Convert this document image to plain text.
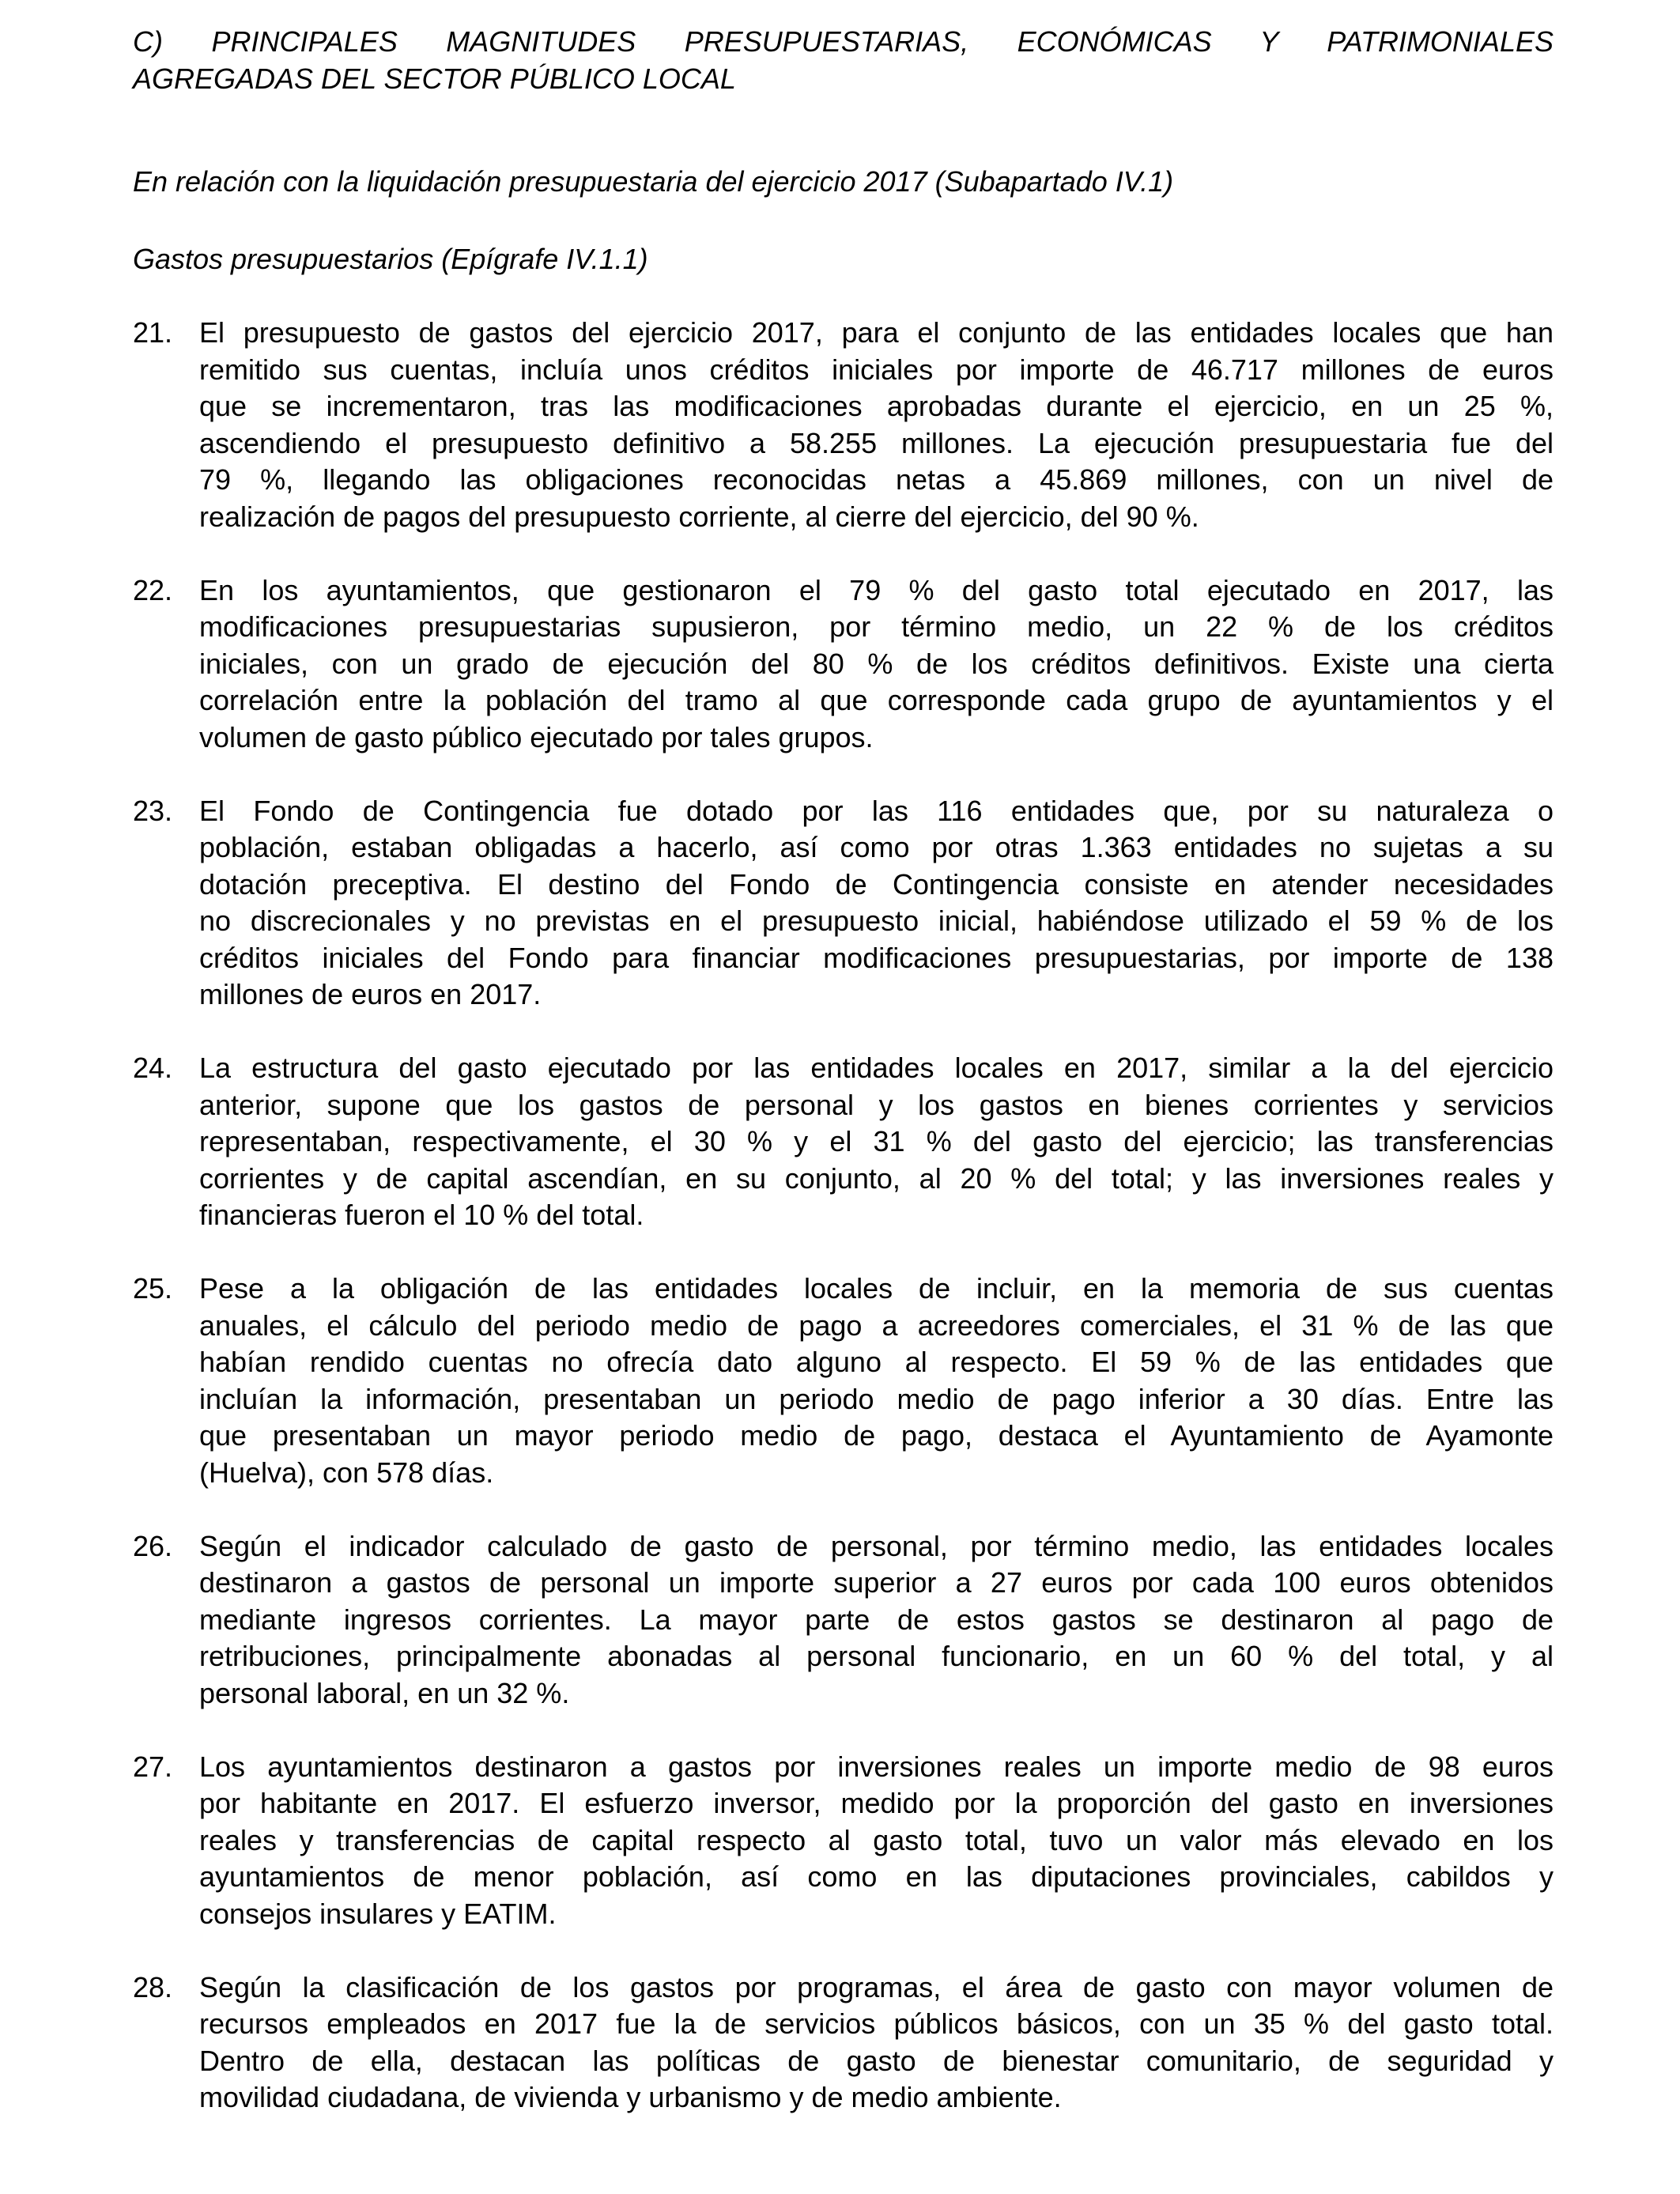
C) PRINCIPALES MAGNITUDES PRESUPUESTARIAS, ECONÓMICAS Y PATRIMONIALES
AGREGADAS DEL SECTOR PÚBLICO LOCAL
En relación con la liquidación presupuestaria del ejercicio 2017 (Subapartado IV.1)
Gastos presupuestarios (Epígrafe IV.1.1)
21. El presupuesto de gastos del ejercicio 2017, para el conjunto de las entidades locales que han
remitido sus cuentas, incluía unos créditos iniciales por importe de 46.717 millones de euros
que se incrementaron, tras las modificaciones aprobadas durante el ejercicio, en un 25 %,
ascendiendo el presupuesto definitivo a 58.255 millones. La ejecución presupuestaria fue del
79 %, llegando las obligaciones reconocidas netas a 45.869 millones, con un nivel de
realización de pagos del presupuesto corriente, al cierre del ejercicio, del 90 %.
22. En los ayuntamientos, que gestionaron el 79 % del gasto total ejecutado en 2017, las
modificaciones presupuestarias supusieron, por término medio, un 22 % de los créditos
iniciales, con un grado de ejecución del 80 % de los créditos definitivos. Existe una cierta
correlación entre la población del tramo al que corresponde cada grupo de ayuntamientos y el
volumen de gasto público ejecutado por tales grupos.
23. El Fondo de Contingencia fue dotado por las 116 entidades que, por su naturaleza o
población, estaban obligadas a hacerlo, así como por otras 1.363 entidades no sujetas a su
dotación preceptiva. El destino del Fondo de Contingencia consiste en atender necesidades
no discrecionales y no previstas en el presupuesto inicial, habiéndose utilizado el 59 % de los
créditos iniciales del Fondo para financiar modificaciones presupuestarias, por importe de 138
millones de euros en 2017.
24. La estructura del gasto ejecutado por las entidades locales en 2017, similar a la del ejercicio
anterior, supone que los gastos de personal y los gastos en bienes corrientes y servicios
representaban, respectivamente, el 30 % y el 31 % del gasto del ejercicio; las transferencias
corrientes y de capital ascendían, en su conjunto, al 20 % del total; y las inversiones reales y
financieras fueron el 10 % del total.
25. Pese a la obligación de las entidades locales de incluir, en la memoria de sus cuentas
anuales, el cálculo del periodo medio de pago a acreedores comerciales, el 31 % de las que
habían rendido cuentas no ofrecía dato alguno al respecto. El 59 % de las entidades que
incluían la información, presentaban un periodo medio de pago inferior a 30 días. Entre las
que presentaban un mayor periodo medio de pago, destaca el Ayuntamiento de Ayamonte
(Huelva), con 578 días.
26. Según el indicador calculado de gasto de personal, por término medio, las entidades locales
destinaron a gastos de personal un importe superior a 27 euros por cada 100 euros obtenidos
mediante ingresos corrientes. La mayor parte de estos gastos se destinaron al pago de
retribuciones, principalmente abonadas al personal funcionario, en un 60 % del total, y al
personal laboral, en un 32 %.
27. Los ayuntamientos destinaron a gastos por inversiones reales un importe medio de 98 euros
por habitante en 2017. El esfuerzo inversor, medido por la proporción del gasto en inversiones
reales y transferencias de capital respecto al gasto total, tuvo un valor más elevado en los
ayuntamientos de menor población, así como en las diputaciones provinciales, cabildos y
consejos insulares y EATIM.
28. Según la clasificación de los gastos por programas, el área de gasto con mayor volumen de
recursos empleados en 2017 fue la de servicios públicos básicos, con un 35 % del gasto total.
Dentro de ella, destacan las políticas de gasto de bienestar comunitario, de seguridad y
movilidad ciudadana, de vivienda y urbanismo y de medio ambiente.
